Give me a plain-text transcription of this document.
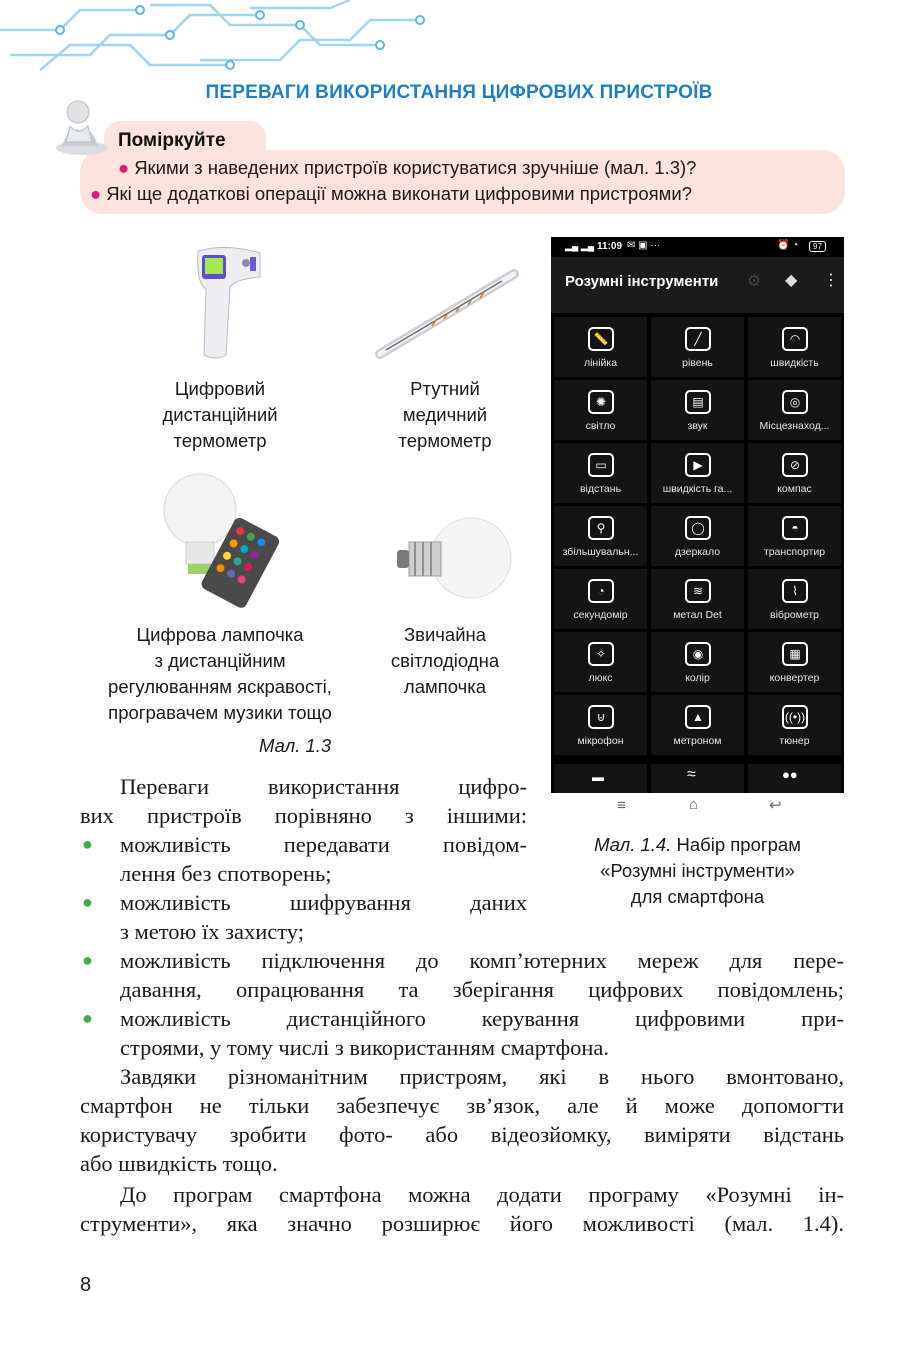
ПЕРЕВАГИ ВИКОРИСТАННЯ ЦИФРОВИХ ПРИСТРОЇВ
Поміркуйте
● Якими з наведених пристроїв користуватися зручніше (мал. 1.3)?
● Які ще додаткові операції можна виконати цифровими пристроями?
Цифровий
дистанційний
термометр
Ртутний
медичний
термометр
Цифрова лампочка
з дистанційним
регулюванням яскравості,
програвачем музики тощо
Звичайна
світлодіодна
лампочка
Мал. 1.3
▂▄ ▂▄ 11:09 ✉ ▣ ···	⏰ ◔	97
Розумні інструменти ⚙ ◆ ⋮
📏
лінійка
╱
рівень
◠
швидкість
✺
світло
▤
звук
◎
Місцезнаход...
▭
відстань
▶
швидкість га...
⊘
компас
⚲
збільшувальн...
◯
дзеркало
◓
транспортир
◔
секундомір
≋
метал Det
⌇
віброметр
✧
люкс
◉
колір
▦
конвертер
⊍
мікрофон
▲
метроном
((•))
тюнер
▬	≈	●●
≡	⌂	↩
Мал. 1.4. Набір програм
«Розумні інструменти»
для смартфона
Переваги використання цифро-
вих пристроїв порівняно з іншими:
● можливість передавати повідом-
лення без спотворень;
● можливість шифрування даних
з метою їх захисту;
● можливість підключення до комп’ютерних мереж для пере-
давання, опрацювання та зберігання цифрових повідомлень;
● можливість дистанційного керування цифровими при-
строями, у тому числі з використанням смартфона.
Завдяки різноманітним пристроям, які в нього вмонтовано,
смартфон не тільки забезпечує зв’язок, але й може допомогти
користувачу зробити фото- або відеозйомку, виміряти відстань
або швидкість тощо.
До програм смартфона можна додати програму «Розумні ін-
струменти», яка значно розширює його можливості (мал. 1.4).
8
